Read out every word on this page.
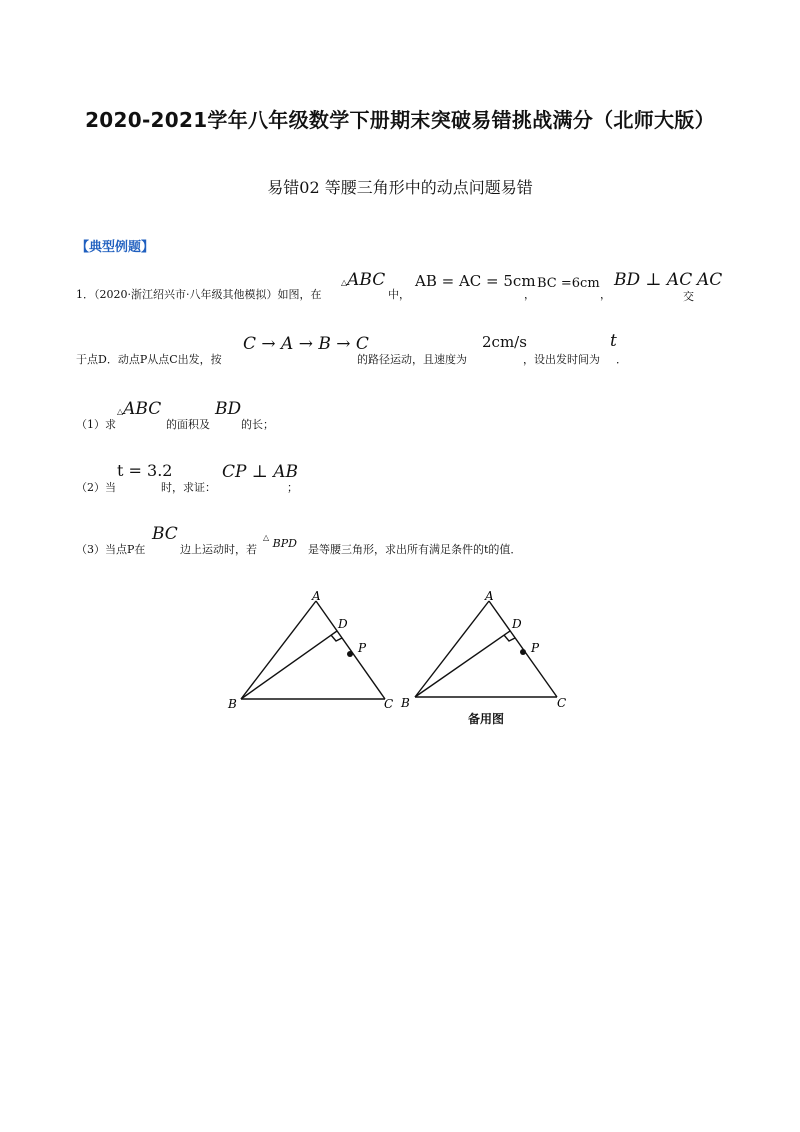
2020-2021学年八年级数学下册期末突破易错挑战满分（北师大版）
易错02 等腰三角形中的动点问题易错
【典型例题】
1．（2020·浙江绍兴市·八年级其他模拟）如图，在
△ABC
中，
AB = AC = 5cm
，
BC =6cm
，
BD ⊥ AC
交
AC
于点D．动点P从点C出发，按
C → A → B → C
的路径运动，且速度为
2cm/s
，设出发时间为
t
．
（1）求
△ABC
的面积及
BD
的长；
（2）当
t = 3.2
时，求证：
CP ⊥ AB
；
（3）当点P在
BC
边上运动时，若
△ BPD 是等腰三角形，求出所有满足条件的t的值．
A
D
P
B	C
A
D
P
B	C
备用图
